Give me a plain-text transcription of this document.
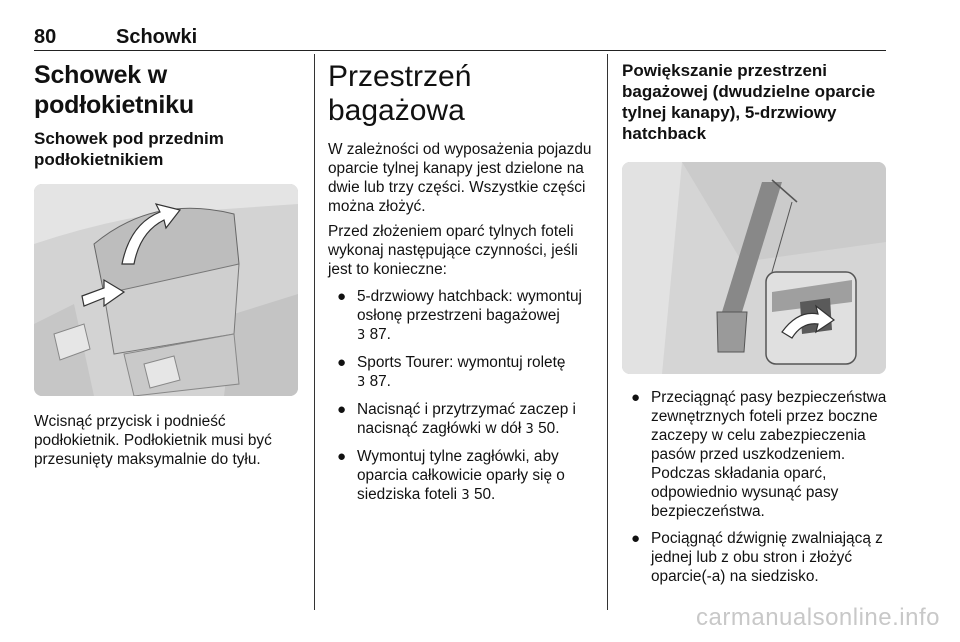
80	Schowki
Schowek w podłokietniku
Schowek pod przednim podłokietnikiem

Wcisnąć przycisk i podnieść podłokietnik. Podłokietnik musi być przesunięty maksymalnie do tyłu.

Przestrzeń bagażowa

W zależności od wyposażenia pojazdu oparcie tylnej kanapy jest dzielone na dwie lub trzy części. Wszystkie części można złożyć.

Przed złożeniem oparć tylnych foteli wykonaj następujące czynności, jeśli jest to konieczne:

● 5-drzwiowy hatchback: wymontuj osłonę przestrzeni bagażowej
3 87.
● Sports Tourer: wymontuj roletę
3 87.
● Nacisnąć i przytrzymać zaczep i nacisnąć zagłówki w dół 3 50.
● Wymontuj tylne zagłówki, aby oparcia całkowicie oparły się o siedziska foteli 3 50.
Powiększanie przestrzeni bagażowej (dwudzielne oparcie tylnej kanapy), 5-drzwiowy hatchback
● Przeciągnąć pasy bezpieczeństwa zewnętrznych foteli przez boczne zaczepy w celu zabezpieczenia pasów przed uszkodzeniem. Podczas składania oparć, odpowiednio wysunąć pasy bezpieczeństwa.
● Pociągnąć dźwignię zwalniającą z jednej lub z obu stron i złożyć oparcie(-a) na siedzisko.
carmanualsonline.info
